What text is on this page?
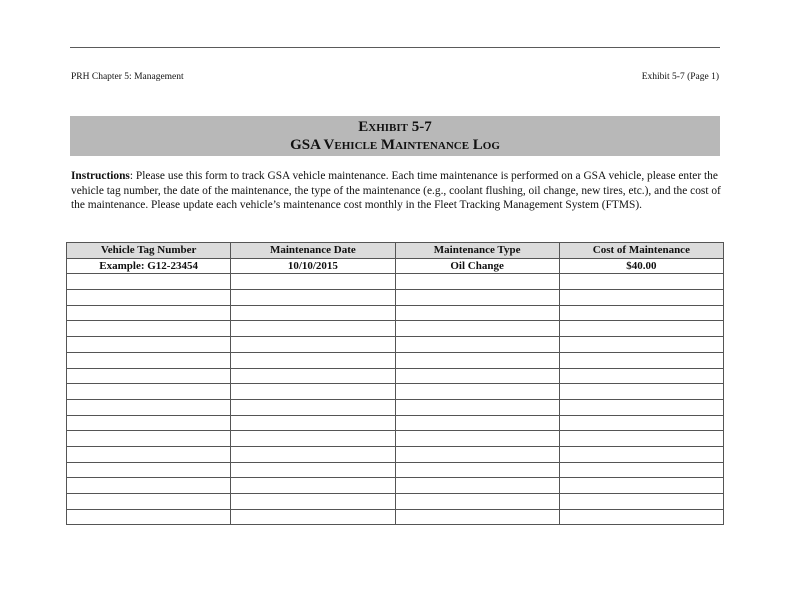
PRH Chapter 5: Management	Exhibit 5-7 (Page 1)
Exhibit 5-7
GSA Vehicle Maintenance Log
Instructions: Please use this form to track GSA vehicle maintenance. Each time maintenance is performed on a GSA vehicle, please enter the vehicle tag number, the date of the maintenance, the type of the maintenance (e.g., coolant flushing, oil change, new tires, etc.), and the cost of the maintenance. Please update each vehicle’s maintenance cost monthly in the Fleet Tracking Management System (FTMS).
Vehicle Tag Number	Maintenance Date	Maintenance Type	Cost of Maintenance
Example: G12-23454	10/10/2015	Oil Change	$40.00
